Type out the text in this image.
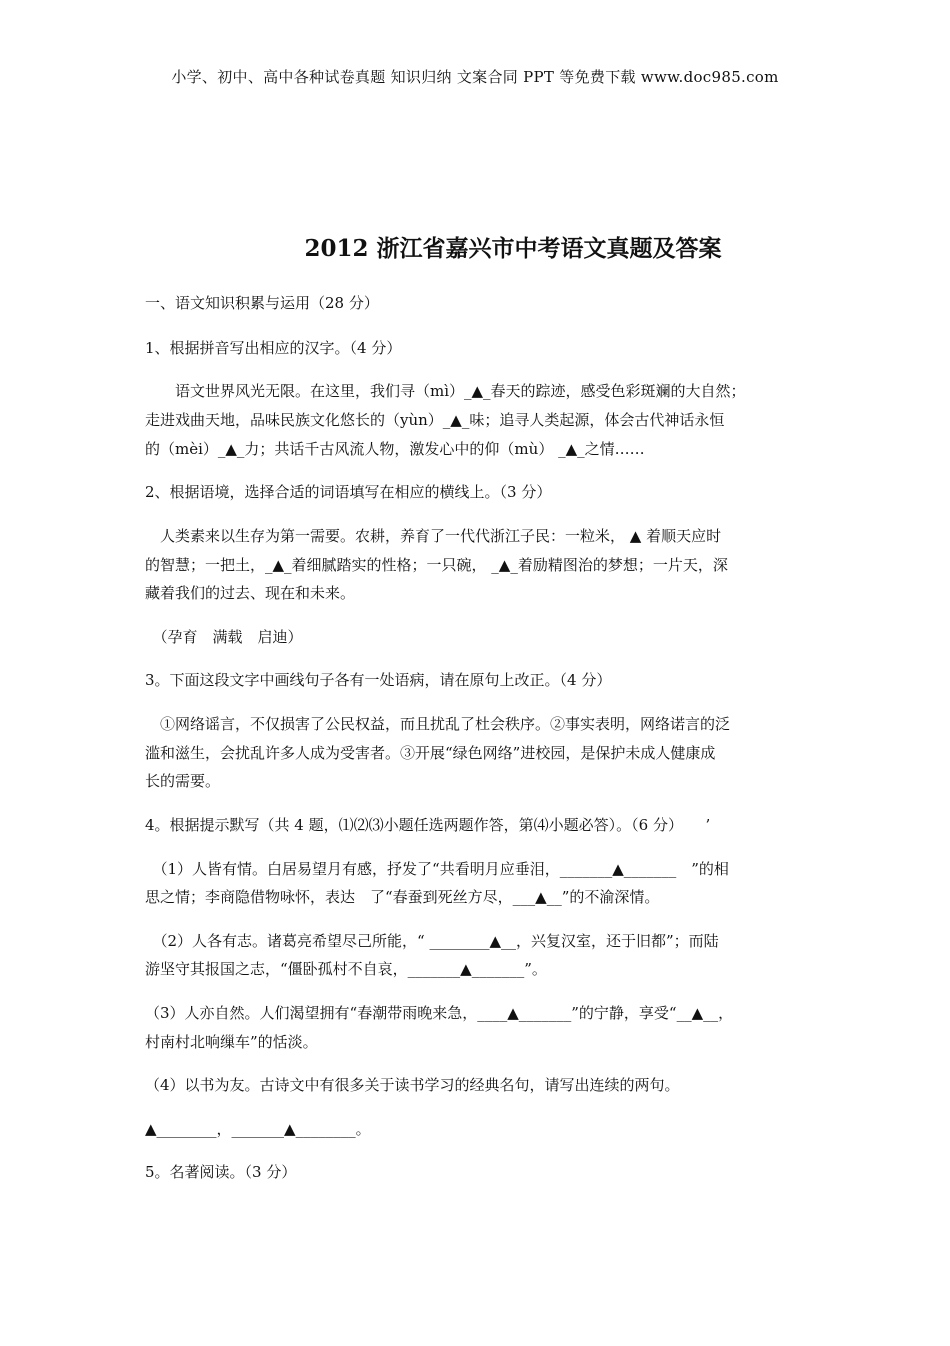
小学、初中、高中各种试卷真题 知识归纳 文案合同 PPT 等免费下载 www.doc985.com
2012 浙江省嘉兴市中考语文真题及答案
一、语文知识积累与运用（28 分）
1、根据拼音写出相应的汉字。（4 分）
　　语文世界风光无限。在这里，我们寻（mì）_▲_春天的踪迹，感受色彩斑斓的大自然；
走进戏曲天地，品味民族文化悠长的（yùn）_▲_味；追寻人类起源，体会古代神话永恒
的（mèi）_▲_力；共话千古风流人物，激发心中的仰（mù） _▲_之情……
2、根据语境，选择合适的词语填写在相应的横线上。（3 分）
　人类素来以生存为第一需要。农耕，养育了一代代浙江子民：一粒米， ▲ 着顺天应时
的智慧；一把土，_▲_着细腻踏实的性格；一只碗， _▲_着励精图治的梦想；一片天，深
藏着我们的过去、现在和未来。
　（孕育　满载　启迪）
3。下面这段文字中画线句子各有一处语病，请在原句上改正。（4 分）
　①网络谣言，不仅损害了公民权益，而且扰乱了杜会秩序。②事实表明，网络诺言的泛
滥和滋生，会扰乱许多人成为受害者。③开展“绿色网络”进校园，是保护未成人健康成
长的需要。
4。根据提示默写（共 4 题，⑴⑵⑶小题任选两题作答，第⑷小题必答）。（6 分）　　’
　（1）人皆有情。白居易望月有感，抒发了“共看明月应垂泪，_______▲_______　”的相
思之情；李商隐借物咏怀，表达　了“春蚕到死丝方尽，___▲__”的不渝深情。
　（2）人各有志。诸葛亮希望尽己所能，“ ________▲__，兴复汉室，还于旧都”；而陆
游坚守其报国之志，“僵卧孤村不自哀，_______▲_______”。
（3）人亦自然。人们渴望拥有“春潮带雨晚来急，____▲_______”的宁静，享受“__▲__，
村南村北响缫车”的恬淡。
（4）以书为友。古诗文中有很多关于读书学习的经典名句，请写出连续的两句。
▲________，_______▲________。
5。名著阅读。（3 分）
